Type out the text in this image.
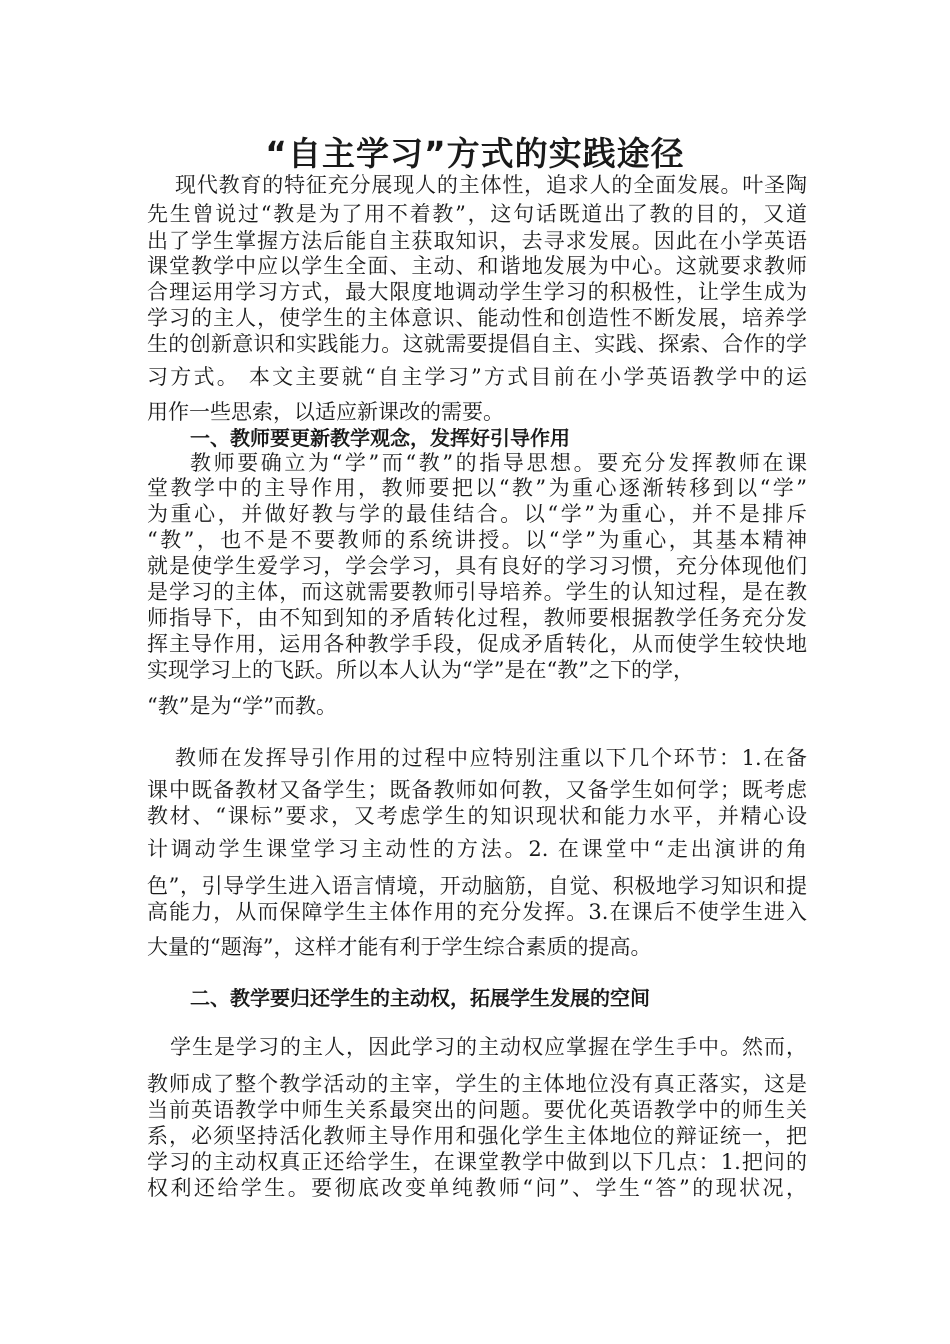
“自主学习”方式的实践途径
现代教育的特征充分展现人的主体性，追求人的全面发展。叶圣陶
先生曾说过“教是为了用不着教”，这句话既道出了教的目的，又道
出了学生掌握方法后能自主获取知识，去寻求发展。因此在小学英语
课堂教学中应以学生全面、主动、和谐地发展为中心。这就要求教师
合理运用学习方式，最大限度地调动学生学习的积极性，让学生成为
学习的主人，使学生的主体意识、能动性和创造性不断发展，培养学
生的创新意识和实践能力。这就需要提倡自主、实践、探索、合作的学
习方式。 本文主要就“自主学习”方式目前在小学英语教学中的运
用作一些思索，以适应新课改的需要。
一、教师要更新教学观念，发挥好引导作用
教师要确立为“学”而“教”的指导思想。要充分发挥教师在课
堂教学中的主导作用，教师要把以“教”为重心逐渐转移到以“学”
为重心，并做好教与学的最佳结合。以“学”为重心，并不是排斥
“教”，也不是不要教师的系统讲授。以“学”为重心，其基本精神
就是使学生爱学习，学会学习，具有良好的学习习惯，充分体现他们
是学习的主体，而这就需要教师引导培养。学生的认知过程，是在教
师指导下，由不知到知的矛盾转化过程，教师要根据教学任务充分发
挥主导作用，运用各种教学手段，促成矛盾转化，从而使学生较快地
实现学习上的飞跃。所以本人认为“学”是在“教”之下的学，
“教”是为“学”而教。
教师在发挥导引作用的过程中应特别注重以下几个环节：1.在备
课中既备教材又备学生；既备教师如何教，又备学生如何学；既考虑
教材、“课标”要求，又考虑学生的知识现状和能力水平，并精心设
计调动学生课堂学习主动性的方法。2. 在课堂中“走出演讲的角
色”，引导学生进入语言情境，开动脑筋，自觉、积极地学习知识和提
高能力，从而保障学生主体作用的充分发挥。3.在课后不使学生进入
大量的“题海”，这样才能有利于学生综合素质的提高。
二、教学要归还学生的主动权，拓展学生发展的空间
学生是学习的主人，因此学习的主动权应掌握在学生手中。然而，
教师成了整个教学活动的主宰，学生的主体地位没有真正落实，这是
当前英语教学中师生关系最突出的问题。要优化英语教学中的师生关
系，必须坚持活化教师主导作用和强化学生主体地位的辩证统一，把
学习的主动权真正还给学生，在课堂教学中做到以下几点：1.把问的
权利还给学生。要彻底改变单纯教师“问”、学生“答”的现状况，
